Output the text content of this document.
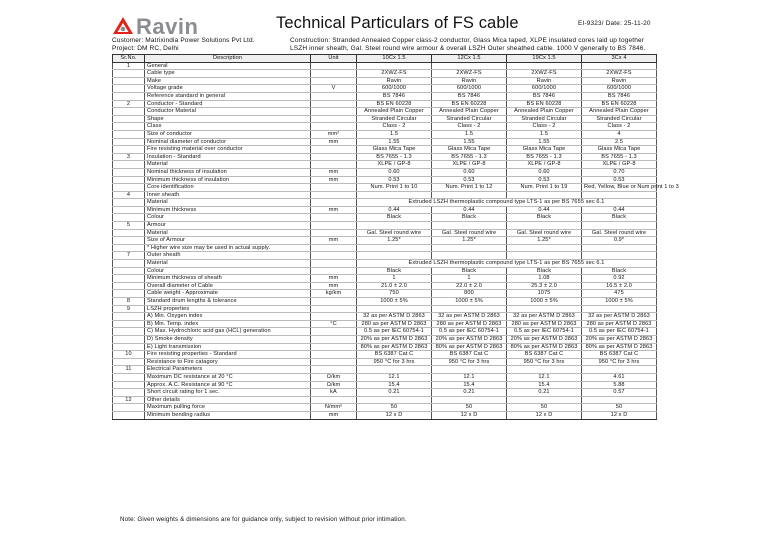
Ravin	Technical Particulars of FS cable	EI-9323/ Date: 25-11-20
Customer: Matrixindia Power Solutions Pvt Ltd.
Project: DM RC, Delhi
Construction: Stranded Annealed Copper class-2 conductor, Glass Mica taped, XLPE insulated cores laid up together
LSZH inner sheath, Gal. Steel round wire armour & overall LSZH Outer sheathed cable. 1000 V generally to BS 7846.
Sr.No.	Description	Unit	10Cx 1.5	12Cx 1.5	19Cx 1.5	3Cx 4
1	General					
	Cable type		2XWZ-FS	2XWZ-FS	2XWZ-FS	2XWZ-FS
	Make		Ravin	Ravin	Ravin	Ravin
	Voltage grade	V	600/1000	600/1000	600/1000	600/1000
	Reference standard in general		BS 7846	BS 7846	BS 7846	BS 7846
2	Conductor - Standard		BS EN 60228	BS EN 60228	BS EN 60228	BS EN 60228
	Conductor Material		Annealed Plain Copper	Annealed Plain Copper	Annealed Plain Copper	Annealed Plain Copper
	Shape		Stranded Circular	Stranded Circular	Stranded Circular	Stranded Circular
	Class		Class - 2	Class - 2	Class - 2	Class - 2
	Size of conductor	mm²	1.5	1.5	1.5	4
	Nominal diameter of conductor	mm	1.55	1.55	1.55	2.5
	Fire resisting material over conductor		Glass Mica Tape	Glass Mica Tape	Glass Mica Tape	Glass Mica Tape
3	Insulation - Standard		BS 7655 - 1.3	BS 7655 - 1.3	BS 7655 - 1.3	BS 7655 - 1.3
	Material		XLPE / GP-8	XLPE / GP-8	XLPE / GP-8	XLPE / GP-8
	Nominal thickness of insulation	mm	0.60	0.60	0.60	0.70
	Minimum thickness of insulation	mm	0.53	0.53	0.53	0.53
	Core identification		Num. Print 1 to 10	Num. Print 1 to 12	Num. Print 1 to 19	Red, Yellow, Blue or Num print 1 to 3
4	Inner sheath					
	Material		Extruded LSZH thermoplastic compound type LTS-1 as per BS 7655 sec 6.1			
	Minimum thickness	mm	0.44	0.44	0.44	0.44
	Colour		Black	Black	Black	Black
5	Armour					
	Material		Gal. Steel round wire	Gal. Steel round wire	Gal. Steel round wire	Gal. Steel round wire
	Size of Armour	mm	1.25*	1.25*	1.25*	0.9*
	* Higher wire size may be used in actual supply.					
7	Outer sheath					
	Material		Extruded LSZH thermoplastic compound type LTS-1 as per BS 7655 sec 6.1			
	Colour		Black	Black	Black	Black
	Minimum thickness of sheath	mm	1	1	1.08	0.92
	Overall diameter of Cable	mm	21.0 ± 2.0	22.0 ± 2.0	25.3 ± 2.0	16.5 ± 2.0
	Cable weight - Approximate	kg/km	750	800	1075	475
8	Standard drum lengths & tolerance		1000 ± 5%	1000 ± 5%	1000 ± 5%	1000 ± 5%
9	LSZH properties					
	A) Min. Oxygen index		32 as per ASTM D 2863	32 as per ASTM D 2863	32 as per ASTM D 2863	32 as per ASTM D 2863
	B) Min. Temp. index	°C	280 as per ASTM D 2863	280 as per ASTM D 2863	280 as per ASTM D 2863	280 as per ASTM D 2863
	C) Max. Hydrochloric acid gas (HCL) generation		0.5 as per IEC 60754-1	0.5 as per IEC 60754-1	0.5 as per IEC 60754-1	0.5 as per IEC 60754-1
	D) Smoke density		20% as per ASTM D 2863	20% as per ASTM D 2863	20% as per ASTM D 2863	20% as per ASTM D 2863
	E) Light transmission		80% as per ASTM D 2863	80% as per ASTM D 2863	80% as per ASTM D 2863	80% as per ASTM D 2863
10	Fire resisting properties - Standard		BS 6387 Cat C	BS 6387 Cat C	BS 6387 Cat C	BS 6387 Cat C
	Resistance to Fire catagory		950 °C for 3 hrs	950 °C for 3 hrs	950 °C for 3 hrs	950 °C for 3 hrs
11	Electrical Parameters					
	Maximum DC resistance at 20 °C	Ω/km	12.1	12.1	12.1	4.61
	Approx. A.C. Resistance at 90 °C	Ω/km	15.4	15.4	15.4	5.88
	Short circuit rating for 1 sec.	kA	0.21	0.21	0.21	0.57
12	Other details					
	Maximum pulling force	N/mm²	50	50	50	50
	Minimum bending radius	mm	12 x D	12 x D	12 x D	12 x D
Note: Given weights & dimensions are for guidance only, subject to revision without prior intimation.
